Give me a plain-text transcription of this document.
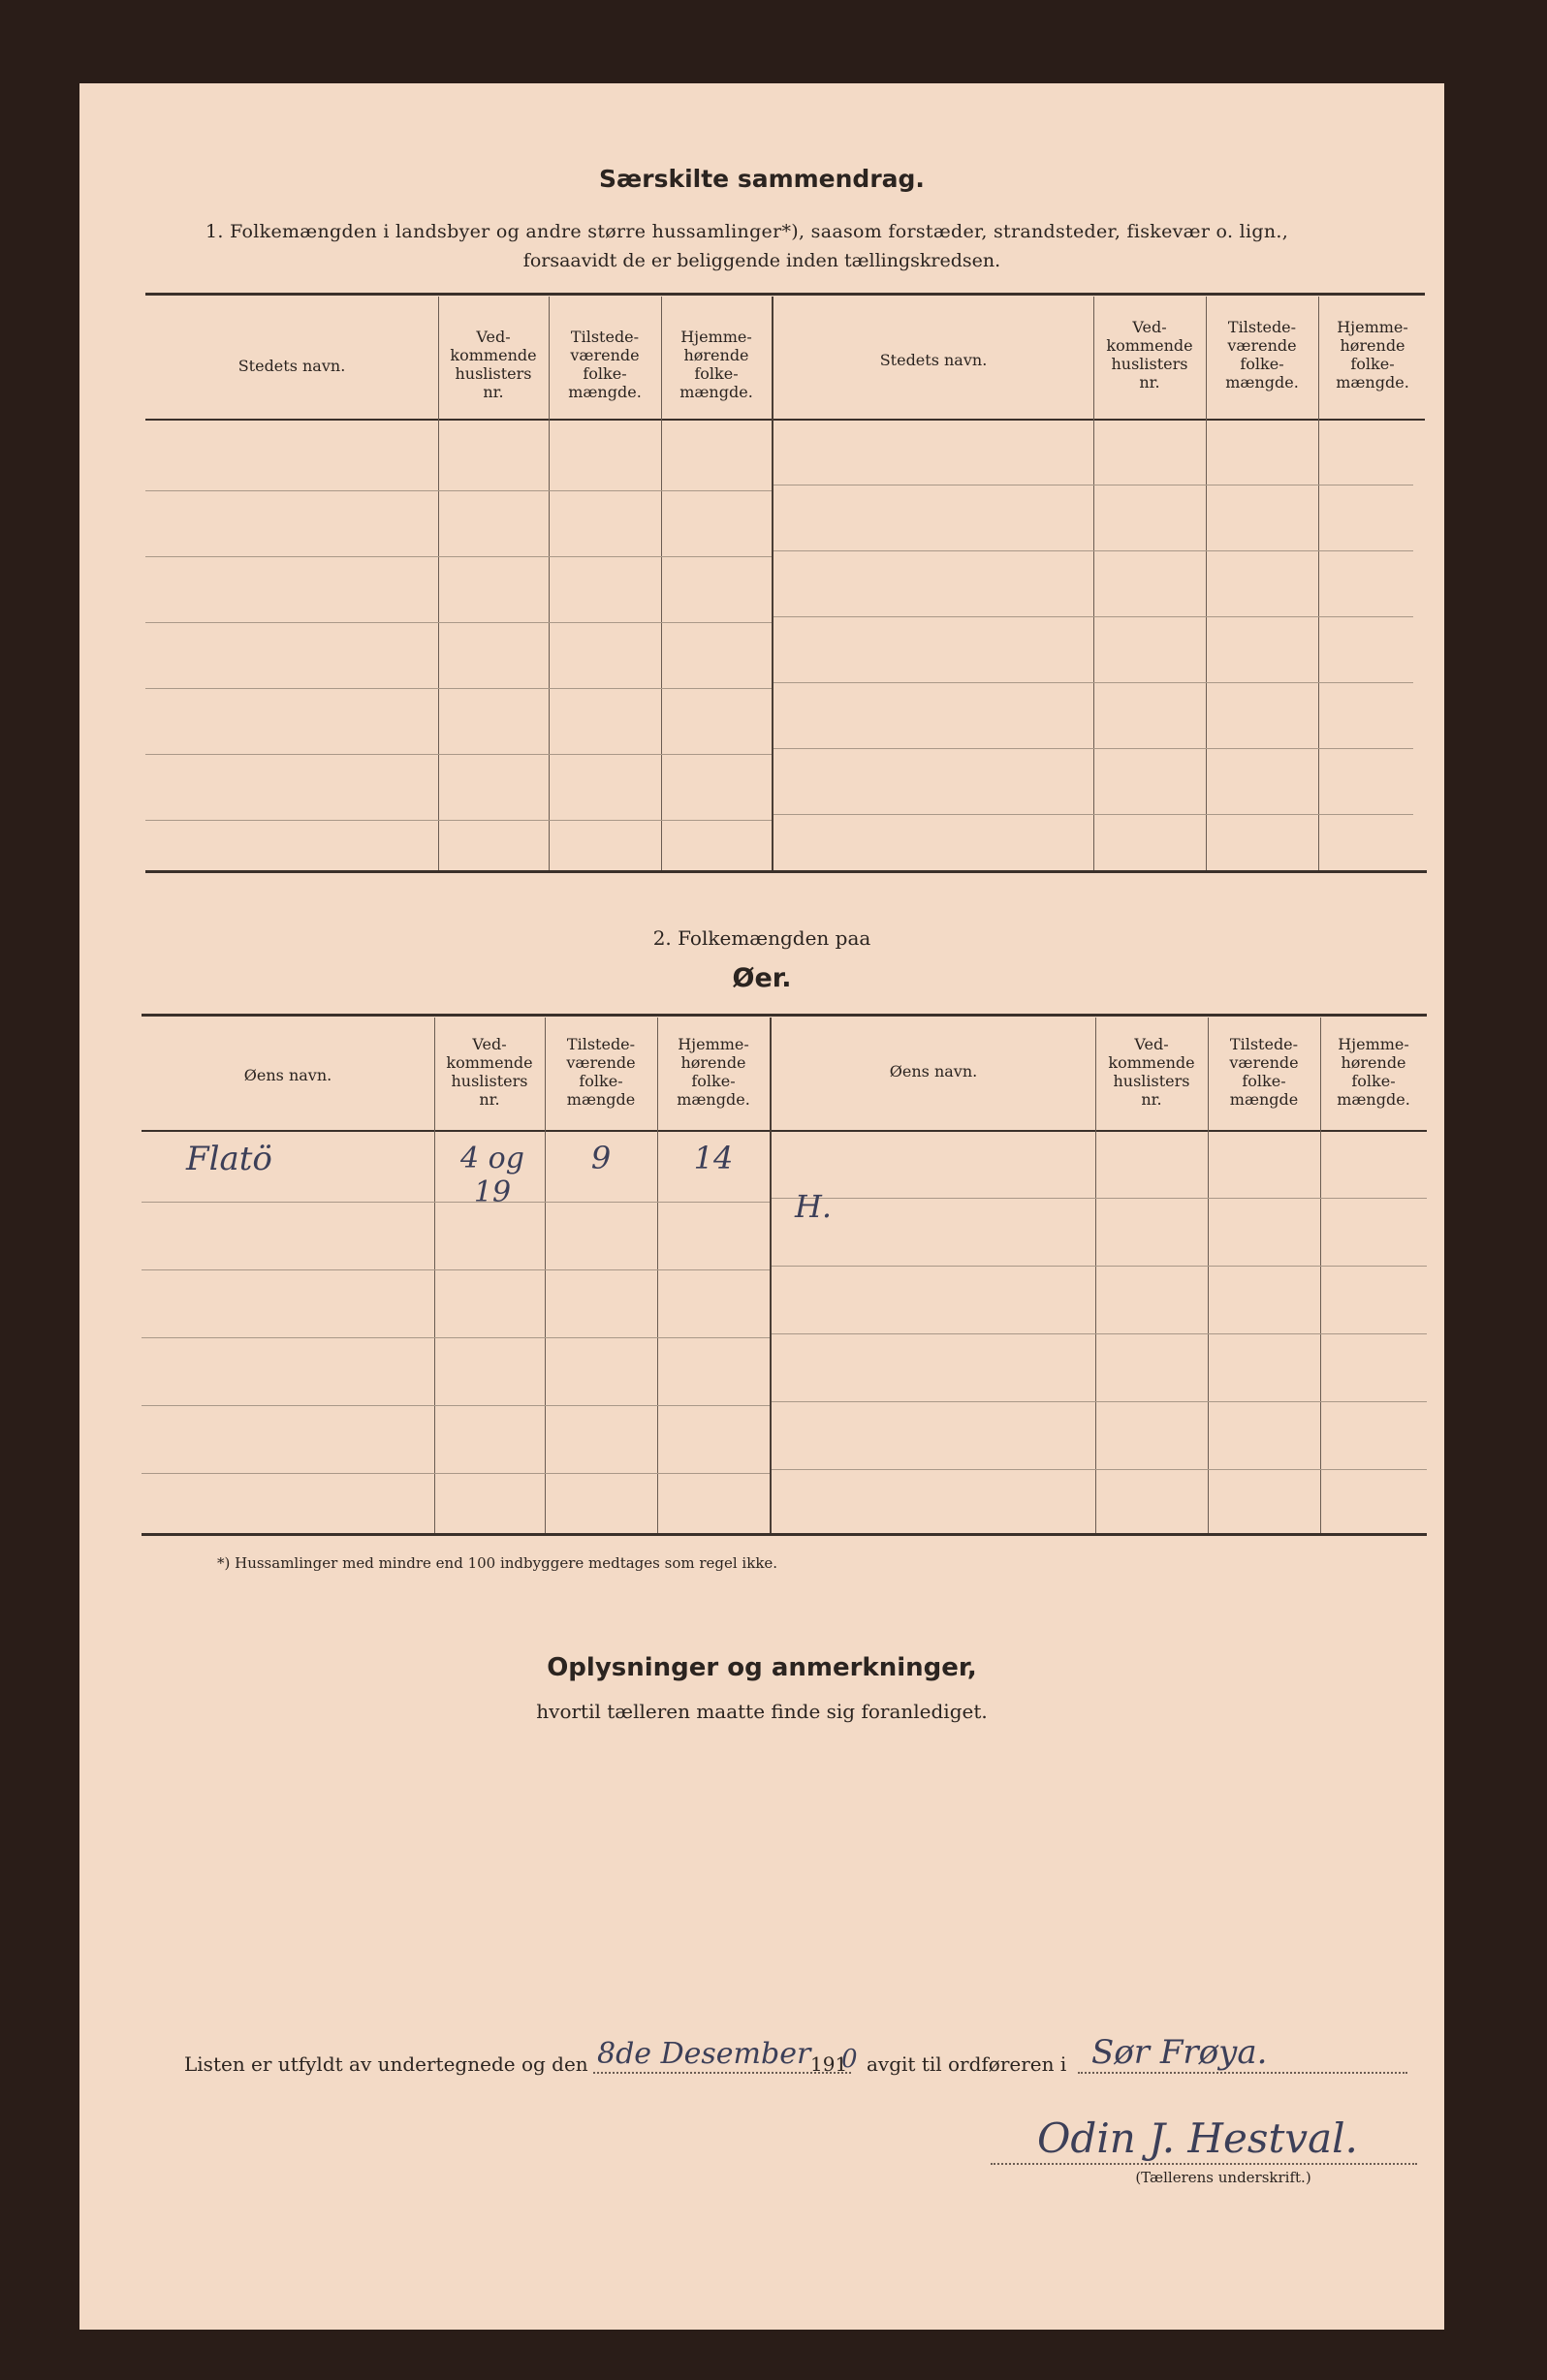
Særskilte sammendrag.
1. Folkemængden i landsbyer og andre større hussamlinger*), saasom forstæder, strandsteder, fiskevær o. lign.,
forsaavidt de er beliggende inden tællingskredsen.
Stedets navn.
Ved-
kommende
huslisters
nr.
Tilstede-
værende
folke-
mængde.
Hjemme-
hørende
folke-
mængde.
Stedets navn.
Ved-
kommende
huslisters
nr.
Tilstede-
værende
folke-
mængde.
Hjemme-
hørende
folke-
mængde.
2. Folkemængden paa
Øer.
Øens navn.
Ved-
kommende
huslisters
nr.
Tilstede-
værende
folke-
mængde
Hjemme-
hørende
folke-
mængde.
Øens navn.
Ved-
kommende
huslisters
nr.
Tilstede-
værende
folke-
mængde
Hjemme-
hørende
folke-
mængde.
Flatö	4 og 19
9	14
H.
*) Hussamlinger med mindre end 100 indbyggere medtages som regel ikke.
Oplysninger og anmerkninger,
hvortil tælleren maatte finde sig foranlediget.
Listen er utfyldt av undertegnede og den 8de Desember 191
0 avgit til ordføreren i Sør Frøya.
Odin J. Hestval.
(Tællerens underskrift.)
